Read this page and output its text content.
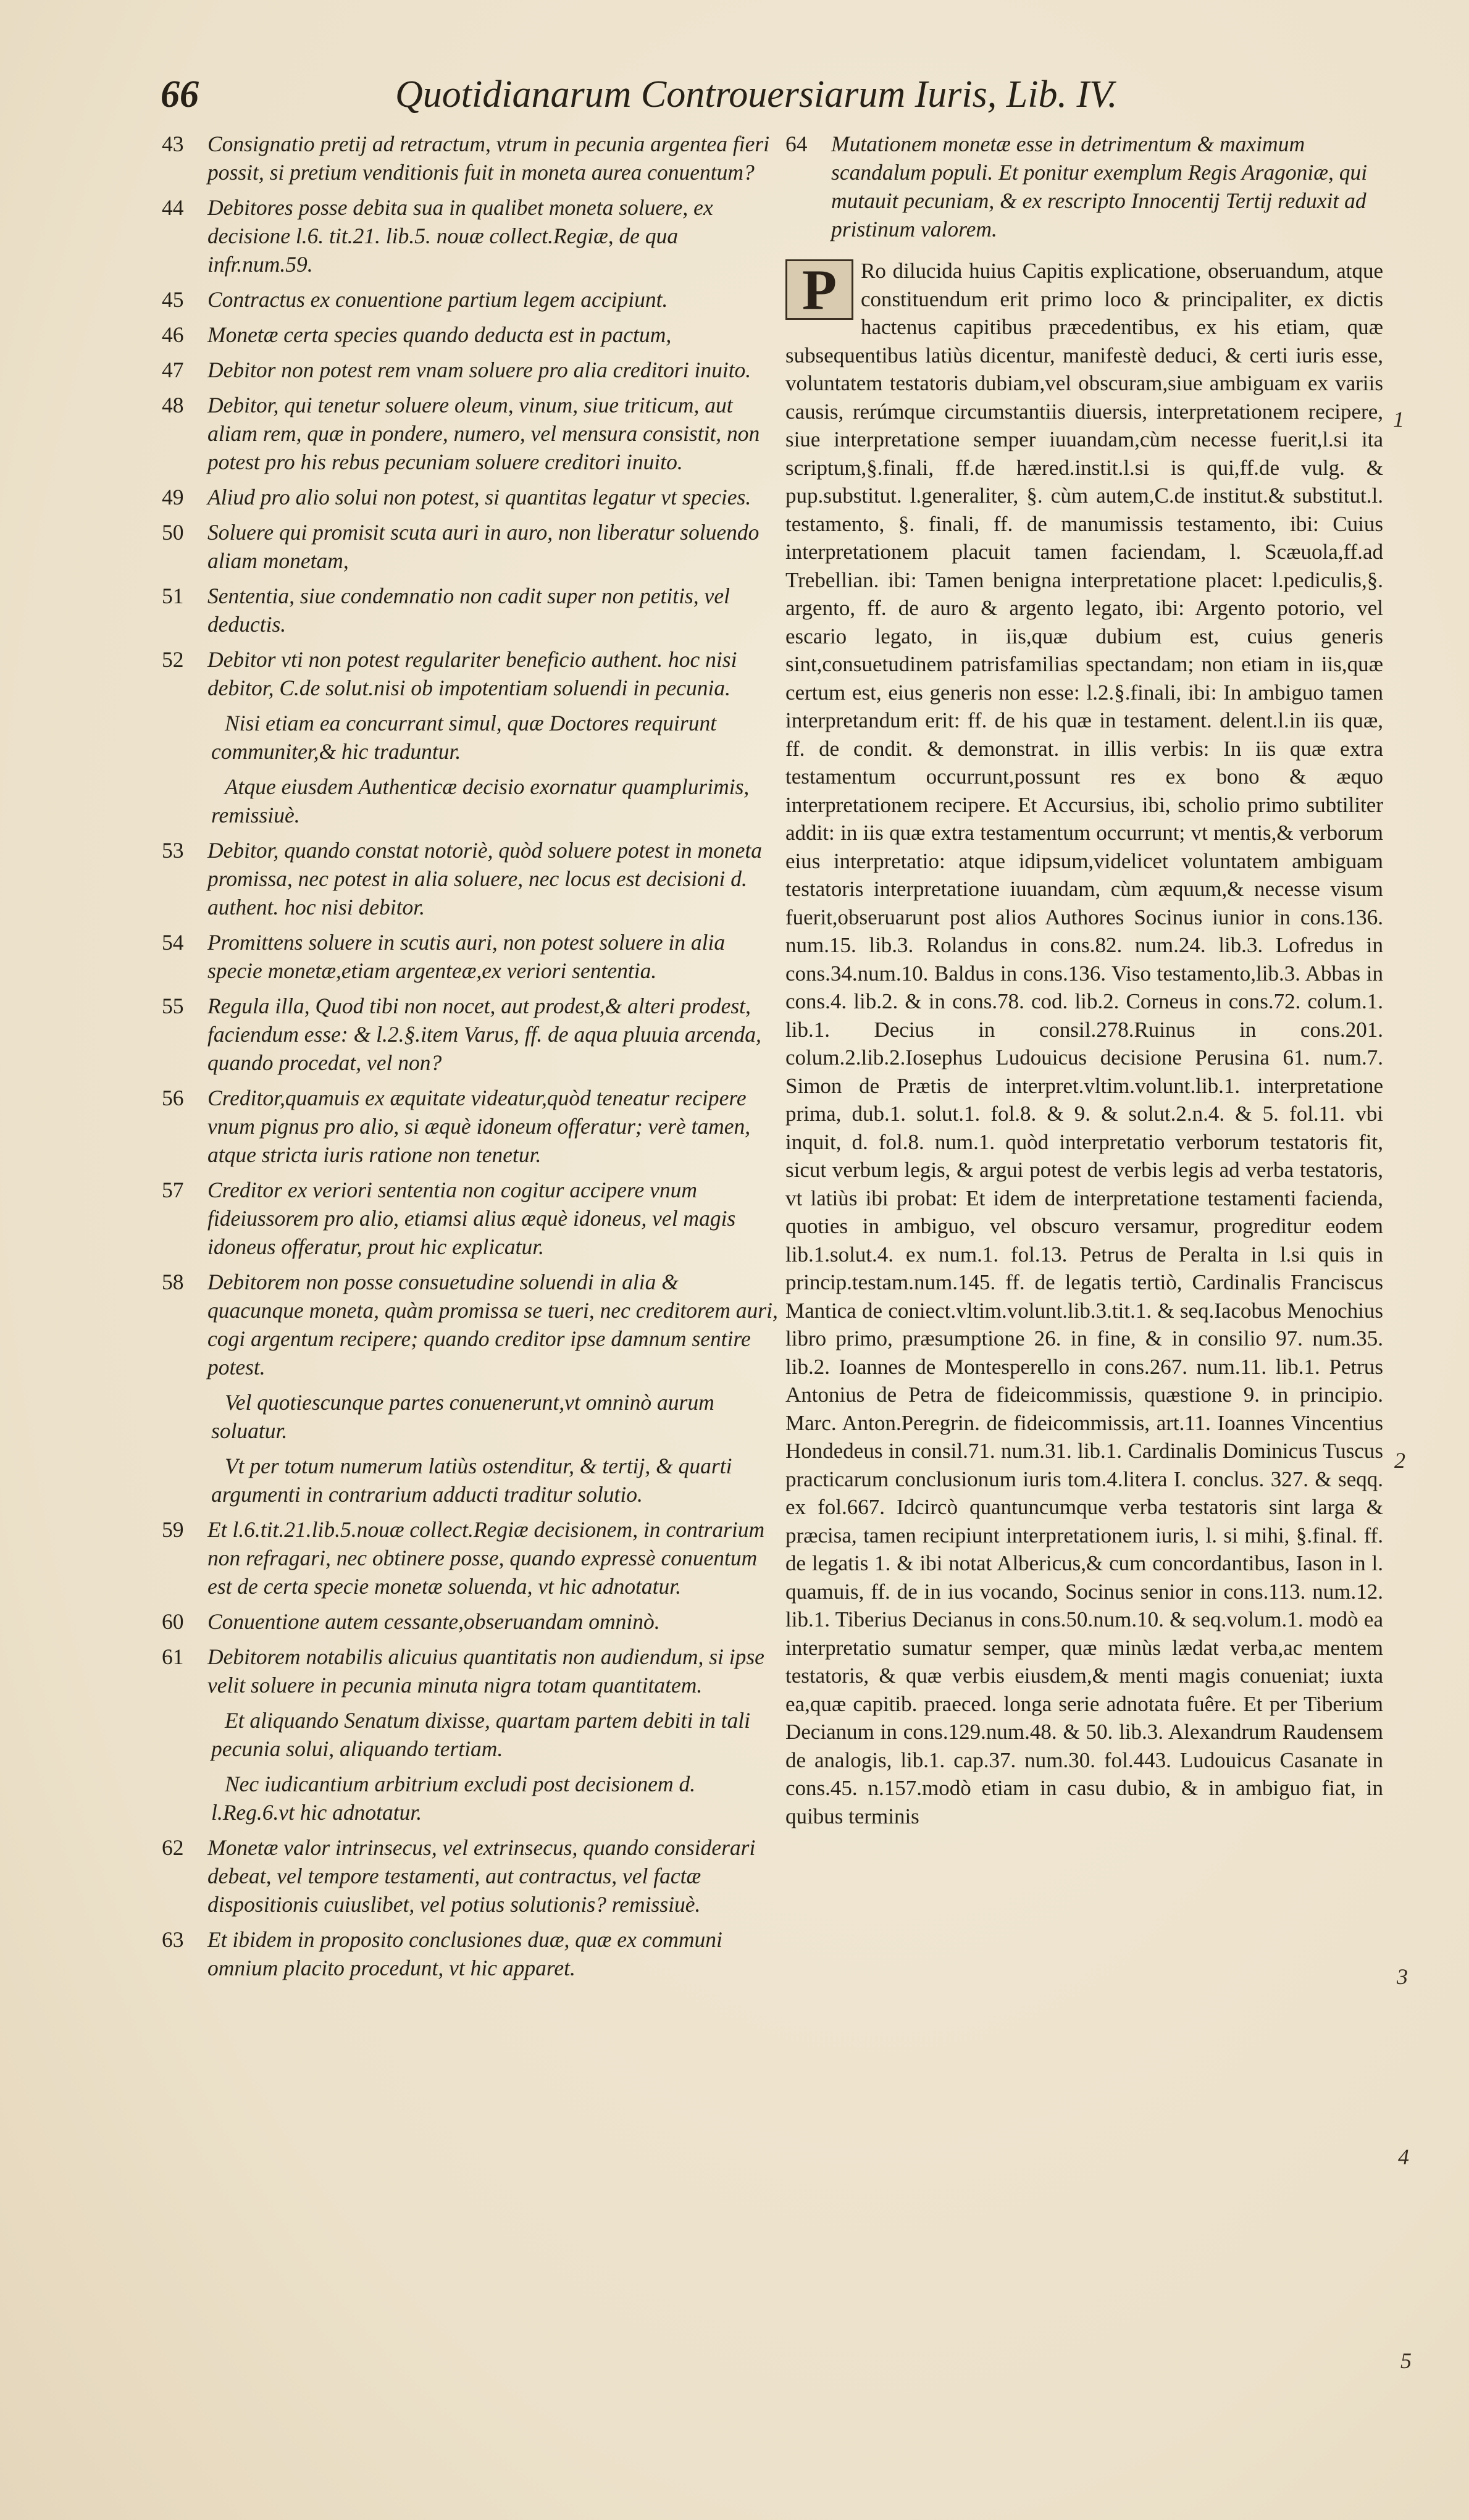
66	Quotidianarum Controuersiarum Iuris, Lib. IV.
43 Consignatio pretij ad retractum, vtrum in pecunia argentea fieri possit, si pretium venditionis fuit in moneta aurea conuentum?
44 Debitores posse debita sua in qualibet moneta soluere, ex decisione l.6. tit.21. lib.5. nouæ collect.Regiæ, de qua infr.num.59.
45 Contractus ex conuentione partium legem accipiunt.
46 Monetæ certa species quando deducta est in pactum,
47 Debitor non potest rem vnam soluere pro alia creditori inuito.
48 Debitor, qui tenetur soluere oleum, vinum, siue triticum, aut aliam rem, quæ in pondere, numero, vel mensura consistit, non potest pro his rebus pecuniam soluere creditori inuito.
49 Aliud pro alio solui non potest, si quantitas legatur vt species.
50 Soluere qui promisit scuta auri in auro, non liberatur soluendo aliam monetam,
51 Sententia, siue condemnatio non cadit super non petitis, vel deductis.
52 Debitor vti non potest regulariter beneficio authent. hoc nisi debitor, C.de solut.nisi ob impotentiam soluendi in pecunia.
Nisi etiam ea concurrant simul, quæ Doctores requirunt communiter,& hic traduntur.
Atque eiusdem Authenticæ decisio exornatur quamplurimis, remissiuè.
53 Debitor, quando constat notoriè, quòd soluere potest in moneta promissa, nec potest in alia soluere, nec locus est decisioni d. authent. hoc nisi debitor.
54 Promittens soluere in scutis auri, non potest soluere in alia specie monetæ,etiam argenteæ,ex veriori sententia.
55 Regula illa, Quod tibi non nocet, aut prodest,& alteri prodest, faciendum esse: & l.2.§.item Varus, ff. de aqua pluuia arcenda, quando procedat, vel non?
56 Creditor,quamuis ex æquitate videatur,quòd teneatur recipere vnum pignus pro alio, si æquè idoneum offeratur; verè tamen, atque stricta iuris ratione non tenetur.
57 Creditor ex veriori sententia non cogitur accipere vnum fideiussorem pro alio, etiamsi alius æquè idoneus, vel magis idoneus offeratur, prout hic explicatur.
58 Debitorem non posse consuetudine soluendi in alia & quacunque moneta, quàm promissa se tueri, nec creditorem auri, cogi argentum recipere; quando creditor ipse damnum sentire potest.
Vel quotiescunque partes conuenerunt,vt omninò aurum soluatur.
Vt per totum numerum latiùs ostenditur, & tertij, & quarti argumenti in contrarium adducti traditur solutio.
59 Et l.6.tit.21.lib.5.nouæ collect.Regiæ decisionem, in contrarium non refragari, nec obtinere posse, quando expressè conuentum est de certa specie monetæ soluenda, vt hic adnotatur.
60 Conuentione autem cessante,obseruandam omninò.
61 Debitorem notabilis alicuius quantitatis non audiendum, si ipse velit soluere in pecunia minuta nigra totam quantitatem.
Et aliquando Senatum dixisse, quartam partem debiti in tali pecunia solui, aliquando tertiam.
Nec iudicantium arbitrium excludi post decisionem d. l.Reg.6.vt hic adnotatur.
62 Monetæ valor intrinsecus, vel extrinsecus, quando considerari debeat, vel tempore testamenti, aut contractus, vel factæ dispositionis cuiuslibet, vel potius solutionis? remissiuè.
63 Et ibidem in proposito conclusiones duæ, quæ ex communi omnium placito procedunt, vt hic apparet.
64 Mutationem monetæ esse in detrimentum & maximum scandalum populi. Et ponitur exemplum Regis Aragoniæ, qui mutauit pecuniam, & ex rescripto Innocentij Tertij reduxit ad pristinum valorem.
P	Ro dilucida huius Capitis explicatione, obseruandum, atque constituendum erit primo loco & principaliter, ex dictis hactenus capitibus præcedentibus, ex his etiam, quæ subsequentibus latiùs dicentur, manifestè deduci, & certi iuris esse, voluntatem testatoris dubiam,vel obscuram,siue ambiguam ex variis causis, rerúmque circumstantiis diuersis, interpretationem recipere, siue interpretatione semper iuuandam,cùm necesse fuerit,l.si ita scriptum,§.finali, ff.de hæred.instit.l.si is qui,ff.de vulg. & pup.substitut. l.generaliter, §. cùm autem,C.de institut.& substitut.l. testamento, §. finali, ff. de manumissis testamento, ibi: Cuius interpretationem placuit tamen faciendam, l. Scæuola,ff.ad Trebellian. ibi: Tamen benigna interpretatione placet: l.pediculis,§. argento, ff. de auro & argento legato, ibi: Argento potorio, vel escario legato, in iis,quæ dubium est, cuius generis sint,consuetudinem patrisfamilias spectandam; non etiam in iis,quæ certum est, eius generis non esse: l.2.§.finali, ibi: In ambiguo tamen interpretandum erit: ff. de his quæ in testament. delent.l.in iis quæ, ff. de condit. & demonstrat. in illis verbis: In iis quæ extra testamentum occurrunt,possunt res ex bono & æquo interpretationem recipere. Et Accursius, ibi, scholio primo subtiliter addit: in iis quæ extra testamentum occurrunt; vt mentis,& verborum eius interpretatio: atque idipsum,videlicet voluntatem ambiguam testatoris interpretatione iuuandam, cùm æquum,& necesse visum fuerit,obseruarunt post alios Authores Socinus iunior in cons.136. num.15. lib.3. Rolandus in cons.82. num.24. lib.3. Lofredus in cons.34.num.10. Baldus in cons.136. Viso testamento,lib.3. Abbas in cons.4. lib.2. & in cons.78. cod. lib.2. Corneus in cons.72. colum.1. lib.1. Decius in consil.278.Ruinus in cons.201. colum.2.lib.2.Iosephus Ludouicus decisione Perusina 61. num.7. Simon de Prætis de interpret.vltim.volunt.lib.1. interpretatione prima, dub.1. solut.1. fol.8. & 9. & solut.2.n.4. & 5. fol.11. vbi inquit, d. fol.8. num.1. quòd interpretatio verborum testatoris fit, sicut verbum legis, & argui potest de verbis legis ad verba testatoris, vt latiùs ibi probat: Et idem de interpretatione testamenti facienda, quoties in ambiguo, vel obscuro versamur, progreditur eodem lib.1.solut.4. ex num.1. fol.13. Petrus de Peralta in l.si quis in princip.testam.num.145. ff. de legatis tertiò, Cardinalis Franciscus Mantica de coniect.vltim.volunt.lib.3.tit.1. & seq.Iacobus Menochius libro primo, præsumptione 26. in fine, & in consilio 97. num.35. lib.2. Ioannes de Montesperello in cons.267. num.11. lib.1. Petrus Antonius de Petra de fideicommissis, quæstione 9. in principio. Marc. Anton.Peregrin. de fideicommissis, art.11. Ioannes Vincentius Hondedeus in consil.71. num.31. lib.1. Cardinalis Dominicus Tuscus practicarum conclusionum iuris tom.4.litera I. conclus. 327. & seqq. ex fol.667. Idcircò quantuncumque verba testatoris sint larga & præcisa, tamen recipiunt interpretationem iuris, l. si mihi, §.final. ff. de legatis 1. & ibi notat Albericus,& cum concordantibus, Iason in l. quamuis, ff. de in ius vocando, Socinus senior in cons.113. num.12. lib.1. Tiberius Decianus in cons.50.num.10. & seq.volum.1. modò ea interpretatio sumatur semper, quæ minùs lædat verba,ac mentem testatoris, & quæ verbis eiusdem,& menti magis conueniat; iuxta ea,quæ capitib. praeced. longa serie adnotata fuêre. Et per Tiberium Decianum in cons.129.num.48. & 50. lib.3. Alexandrum Raudensem de analogis, lib.1. cap.37. num.30. fol.443. Ludouicus Casanate in cons.45. n.157.modò etiam in casu dubio, & in ambiguo fiat, in quibus terminis
1
2
3
4
5
